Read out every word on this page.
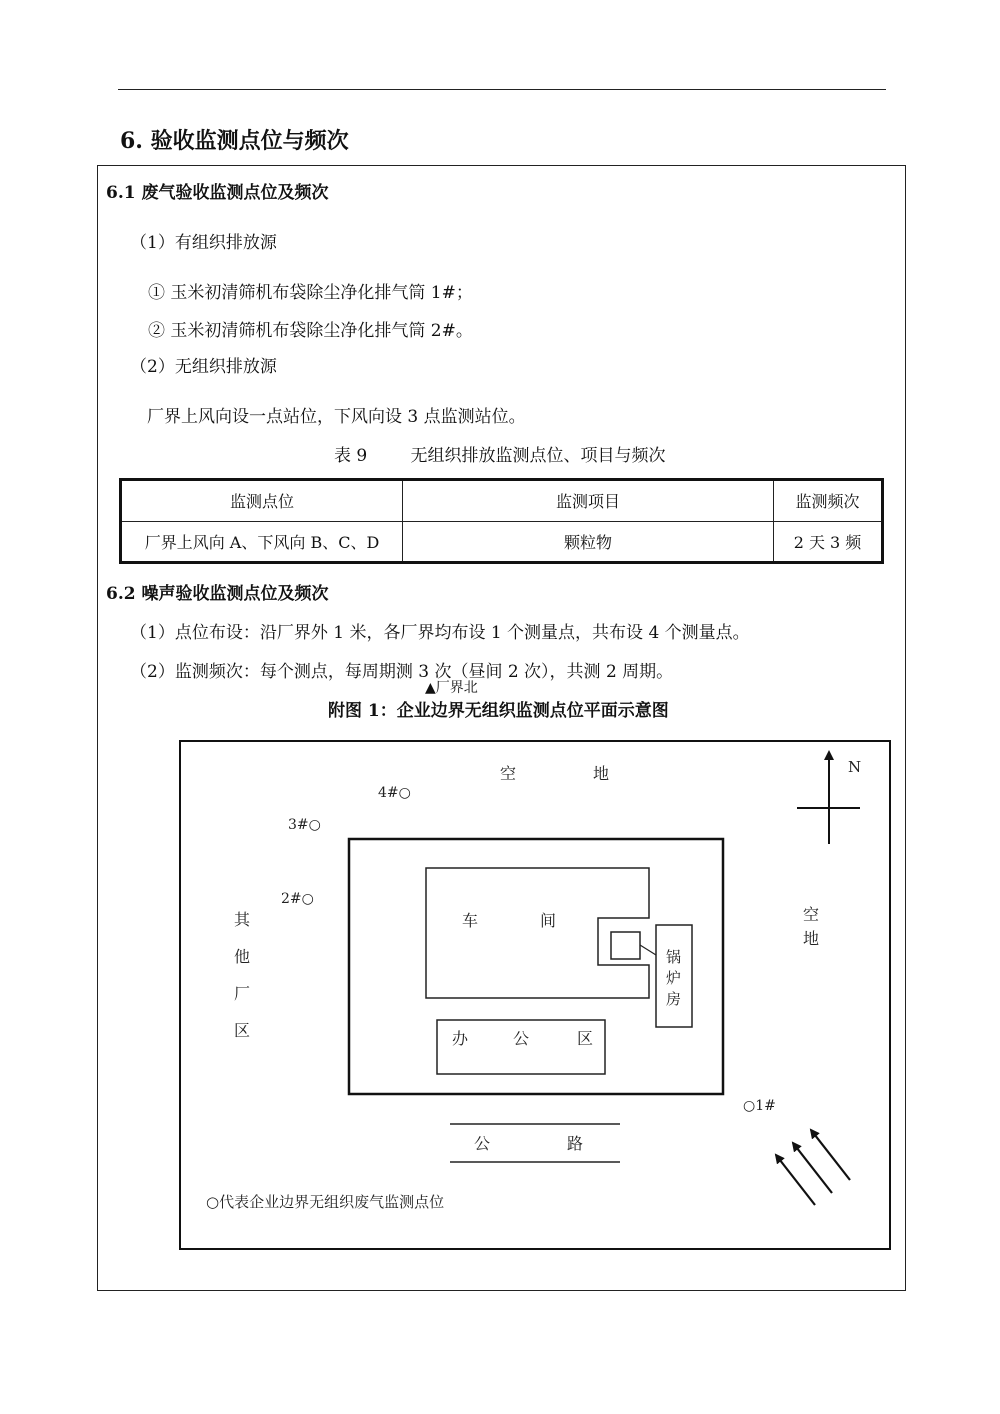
6. 验收监测点位与频次
6.1 废气验收监测点位及频次
（1）有组织排放源
① 玉米初清筛机布袋除尘净化排气筒 1#；
② 玉米初清筛机布袋除尘净化排气筒 2#。
（2）无组织排放源
厂界上风向设一点站位，下风向设 3 点监测站位。
表 9        无组织排放监测点位、项目与频次
监测点位	监测项目	监测频次
厂界上风向 A、下风向 B、C、D	颗粒物	2 天 3 频
6.2 噪声验收监测点位及频次
（1）点位布设：沿厂界外 1 米，各厂界均布设 1 个测量点，共布设 4 个测量点。
（2）监测频次：每个测点，每周期测 3 次（昼间 2 次），共测 2 周期。
▲厂界北
附图 1：企业边界无组织监测点位平面示意图
N
空	地
4#○
3#○
2#○
○1#
其
他
厂
区
空
地
车	间
锅
炉
房
办	公	区
公	路
○代表企业边界无组织废气监测点位
